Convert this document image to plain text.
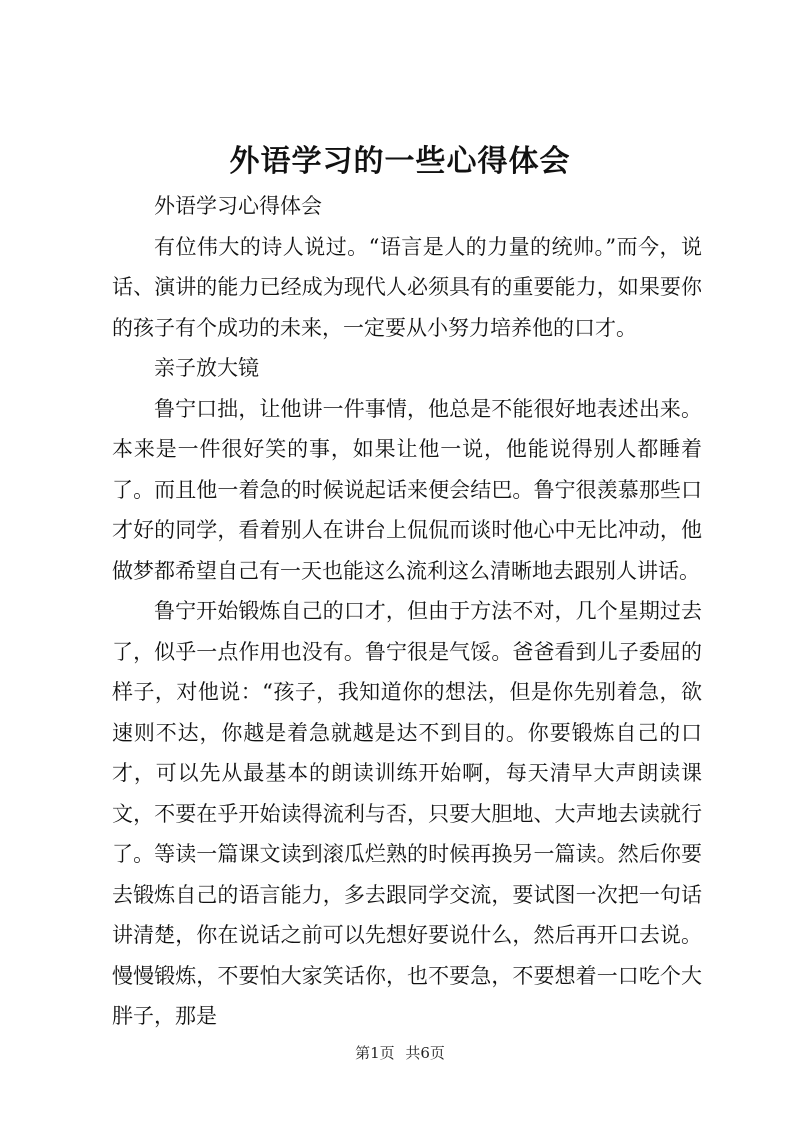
外语学习的一些心得体会

外语学习心得体会

有位伟大的诗人说过。“语言是人的力量的统帅。”而今，说话、演讲的能力已经成为现代人必须具有的重要能力，如果要你的孩子有个成功的未来，一定要从小努力培养他的口才。

亲子放大镜

鲁宁口拙，让他讲一件事情，他总是不能很好地表述出来。本来是一件很好笑的事，如果让他一说，他能说得别人都睡着了。而且他一着急的时候说起话来便会结巴。鲁宁很羡慕那些口才好的同学，看着别人在讲台上侃侃而谈时他心中无比冲动，他做梦都希望自己有一天也能这么流利这么清晰地去跟别人讲话。

鲁宁开始锻炼自己的口才，但由于方法不对，几个星期过去了，似乎一点作用也没有。鲁宁很是气馁。爸爸看到儿子委屈的样子，对他说：“孩子，我知道你的想法，但是你先别着急，欲速则不达，你越是着急就越是达不到目的。你要锻炼自己的口才，可以先从最基本的朗读训练开始啊，每天清早大声朗读课文，不要在乎开始读得流利与否，只要大胆地、大声地去读就行了。等读一篇课文读到滚瓜烂熟的时候再换另一篇读。然后你要去锻炼自己的语言能力，多去跟同学交流，要试图一次把一句话讲清楚，你在说话之前可以先想好要说什么，然后再开口去说。慢慢锻炼，不要怕大家笑话你，也不要急，不要想着一口吃个大胖子，那是

第1页 共6页
